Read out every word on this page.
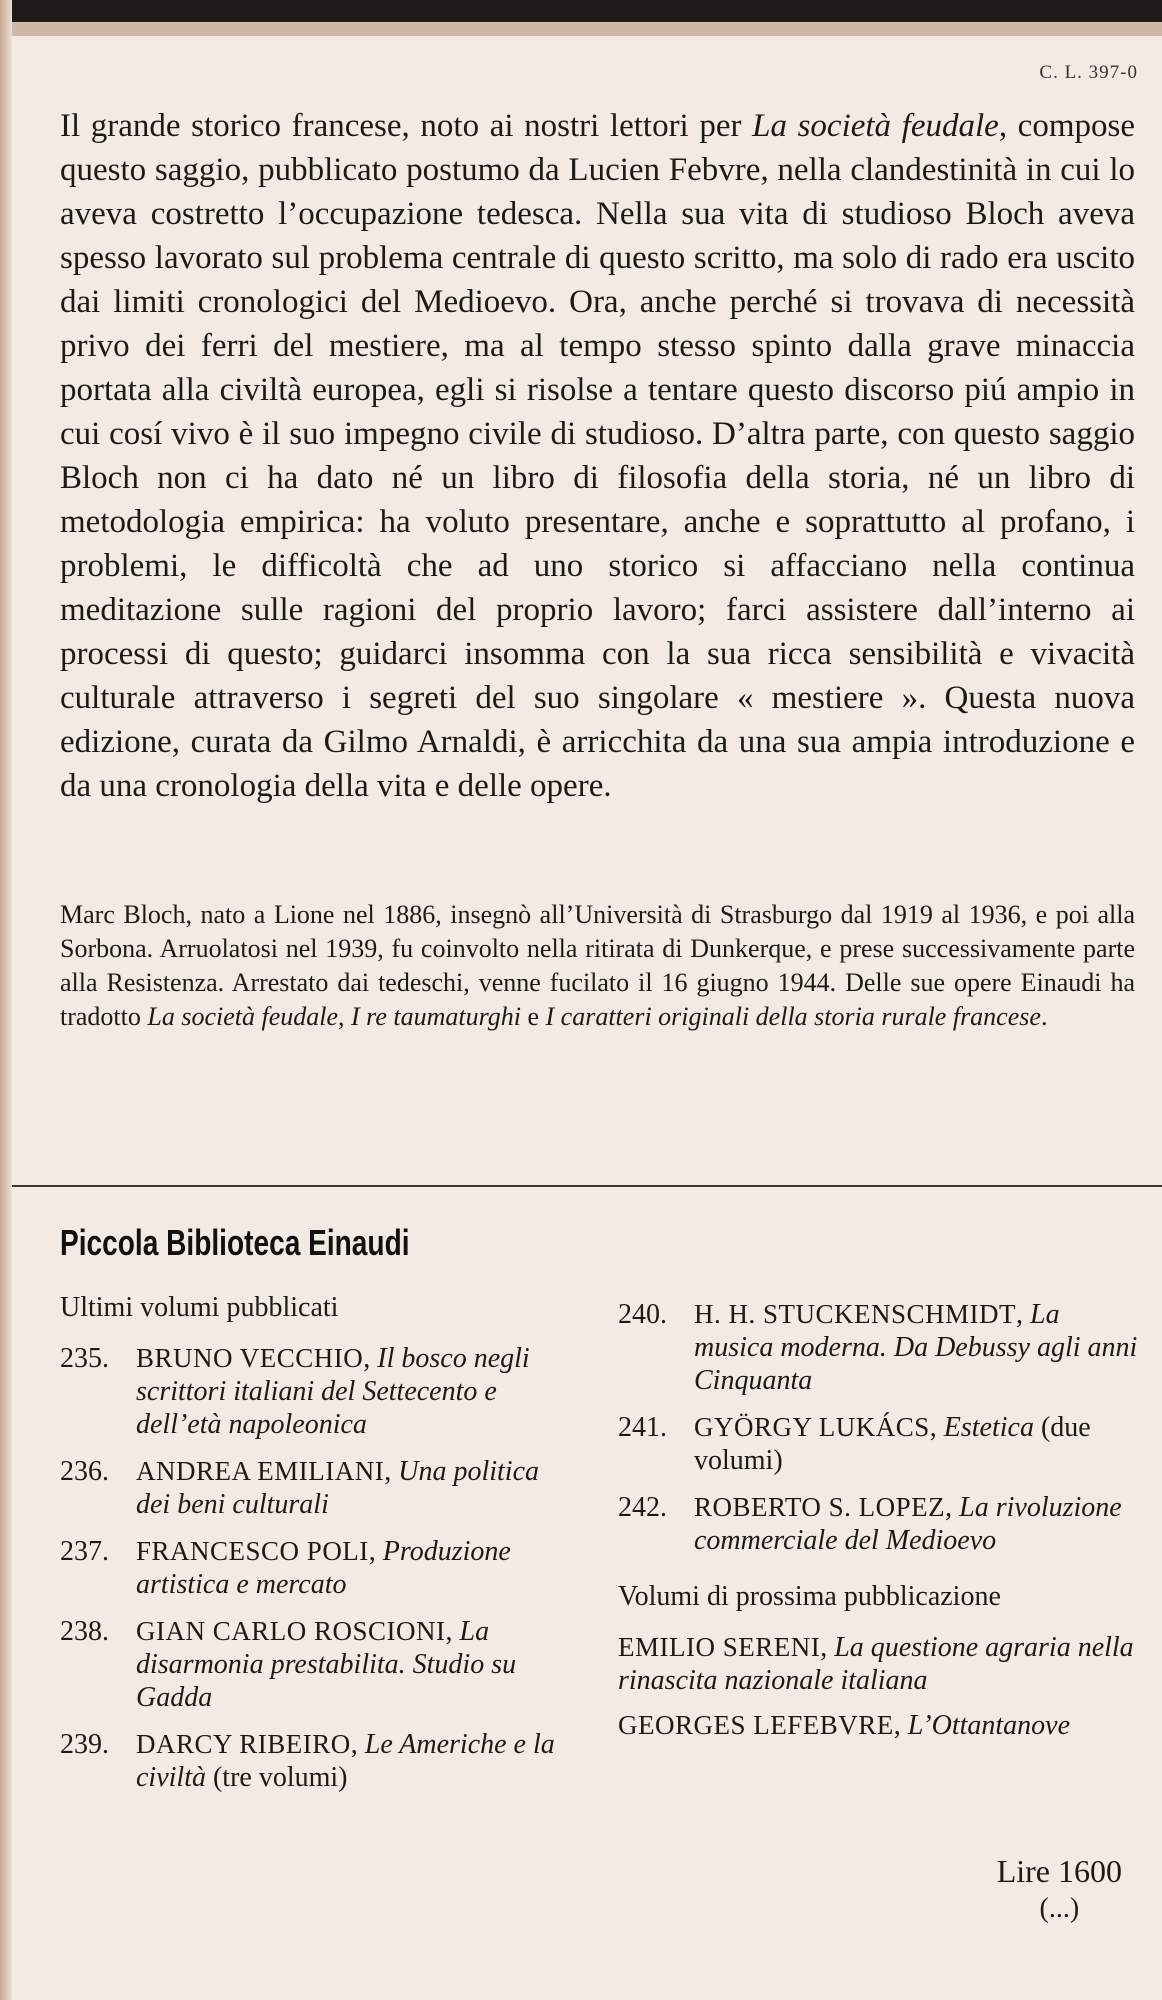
C. L. 397-0

Il grande storico francese, noto ai nostri lettori per La società feudale, compose questo saggio, pubblicato postumo da Lucien Febvre, nella clandestinità in cui lo aveva costretto l’occupazione tedesca. Nella sua vita di studioso Bloch aveva spesso lavorato sul problema centrale di questo scritto, ma solo di rado era uscito dai limiti cronologici del Medioevo. Ora, anche perché si trovava di necessità privo dei ferri del mestiere, ma al tempo stesso spinto dalla grave minaccia portata alla civiltà europea, egli si risolse a tentare questo discorso piú ampio in cui cosí vivo è il suo impegno civile di studioso. D’altra parte, con questo saggio Bloch non ci ha dato né un libro di filosofia della storia, né un libro di metodologia empirica: ha voluto presentare, anche e soprattutto al profano, i problemi, le difficoltà che ad uno storico si affacciano nella continua meditazione sulle ragioni del proprio lavoro; farci assistere dall’interno ai processi di questo; guidarci insomma con la sua ricca sensibilità e vivacità culturale attraverso i segreti del suo singolare « mestiere ». Questa nuova edizione, curata da Gilmo Arnaldi, è arricchita da una sua ampia introduzione e da una cronologia della vita e delle opere.

Marc Bloch, nato a Lione nel 1886, insegnò all’Università di Strasburgo dal 1919 al 1936, e poi alla Sorbona. Arruolatosi nel 1939, fu coinvolto nella ritirata di Dunkerque, e prese successivamente parte alla Resistenza. Arrestato dai tedeschi, venne fucilato il 16 giugno 1944. Delle sue opere Einaudi ha tradotto La società feudale, I re taumaturghi e I caratteri originali della storia rurale francese.

Piccola Biblioteca Einaudi
Ultimi volumi pubblicati
235. BRUNO VECCHIO, Il bosco negli scrittori italiani del Settecento e dell’età napoleonica
236. ANDREA EMILIANI, Una politica dei beni culturali
237. FRANCESCO POLI, Produzione artistica e mercato
238. GIAN CARLO ROSCIONI, La disarmonia prestabilita. Studio su Gadda
239. DARCY RIBEIRO, Le Americhe e la civiltà (tre volumi)
240. H. H. STUCKENSCHMIDT, La musica moderna. Da Debussy agli anni Cinquanta
241. GYÖRGY LUKÁCS, Estetica (due volumi)
242. ROBERTO S. LOPEZ, La rivoluzione commerciale del Medioevo
Volumi di prossima pubblicazione
EMILIO SERENI, La questione agraria nella rinascita nazionale italiana
GEORGES LEFEBVRE, L’Ottantanove
Lire 1600
(...)
